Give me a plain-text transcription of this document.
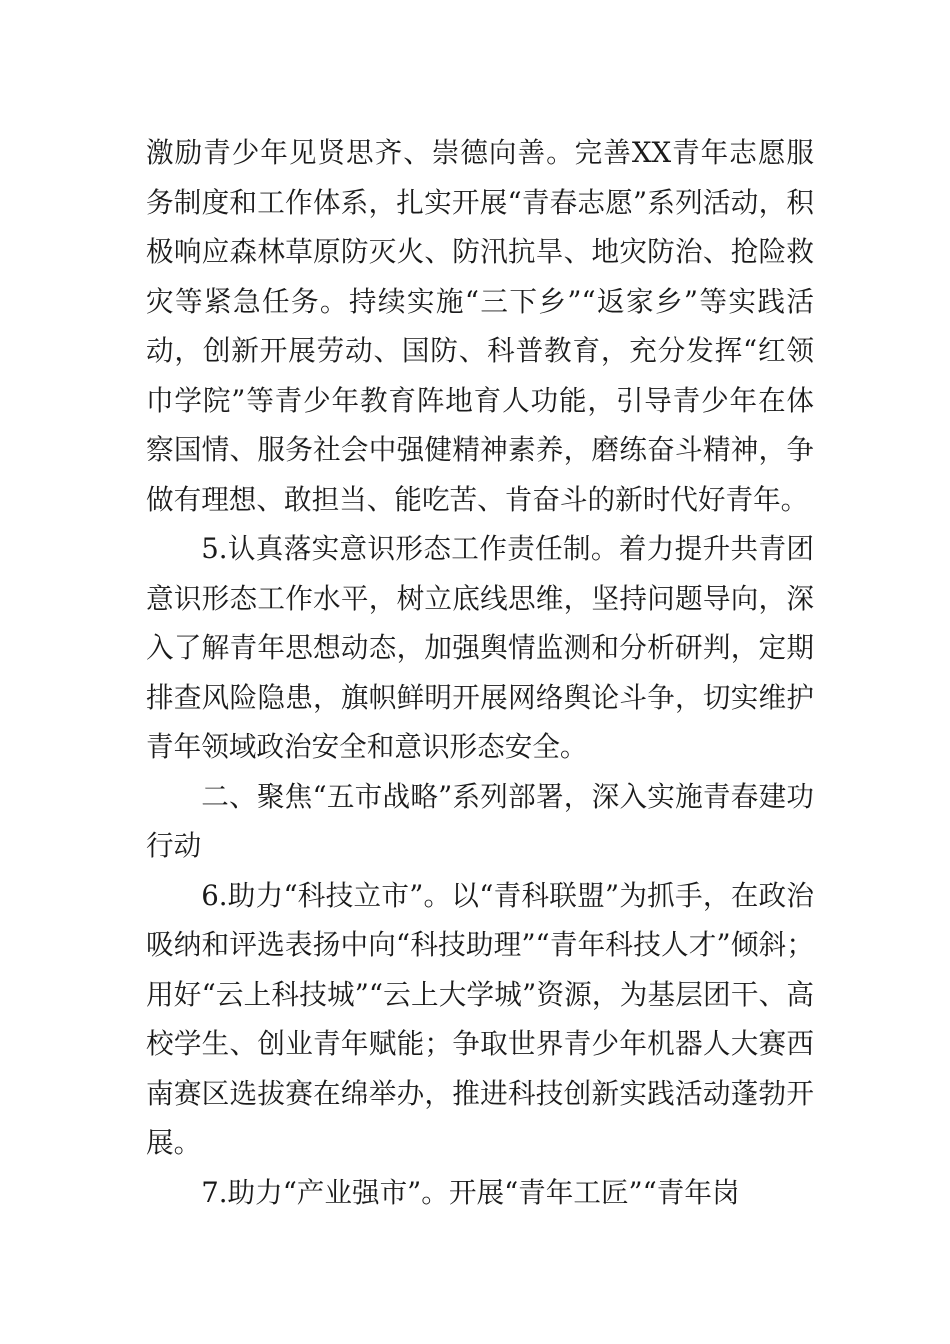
激励青少年见贤思齐、崇德向善。完善XX青年志愿服务制度和工作体系，扎实开展“青春志愿”系列活动，积极响应森林草原防灭火、防汛抗旱、地灾防治、抢险救灾等紧急任务。持续实施“三下乡”“返家乡”等实践活动，创新开展劳动、国防、科普教育，充分发挥“红领巾学院”等青少年教育阵地育人功能，引导青少年在体察国情、服务社会中强健精神素养，磨练奋斗精神，争做有理想、敢担当、能吃苦、肯奋斗的新时代好青年。

5.认真落实意识形态工作责任制。着力提升共青团意识形态工作水平，树立底线思维，坚持问题导向，深入了解青年思想动态，加强舆情监测和分析研判，定期排查风险隐患，旗帜鲜明开展网络舆论斗争，切实维护青年领域政治安全和意识形态安全。

二、聚焦“五市战略”系列部署，深入实施青春建功行动

6.助力“科技立市”。以“青科联盟”为抓手，在政治吸纳和评选表扬中向“科技助理”“青年科技人才”倾斜；用好“云上科技城”“云上大学城”资源，为基层团干、高校学生、创业青年赋能；争取世界青少年机器人大赛西南赛区选拔赛在绵举办，推进科技创新实践活动蓬勃开展。

7.助力“产业强市”。开展“青年工匠”“青年岗
